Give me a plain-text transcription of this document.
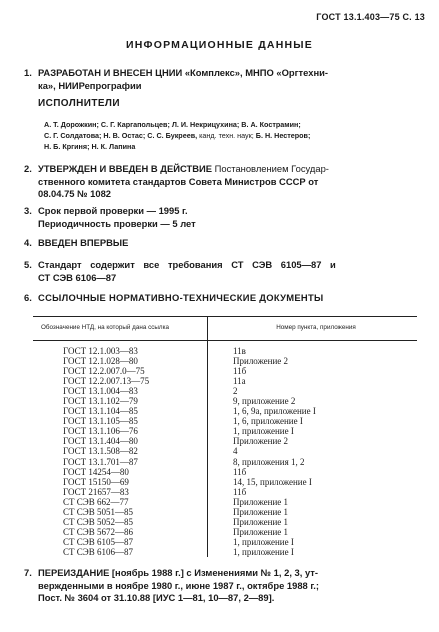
ГОСТ 13.1.403—75 С. 13
ИНФОРМАЦИОННЫЕ ДАННЫЕ
1. РАЗРАБОТАН И ВНЕСЕН ЦНИИ «Комплекс», МНПО «Оргтехни-
ка», НИИРепрографии
ИСПОЛНИТЕЛИ
А. Т. Дорожкин; С. Г. Каргапольцев; Л. И. Некрицухина; В. А. Кострамин;
С. Г. Солдатова; Н. В. Остас; С. С. Букреев, канд. техн. наук; Б. Н. Нестеров;
Н. Б. Кргиня; Н. К. Лапина
2. УТВЕРЖДЕН И ВВЕДЕН В ДЕЙСТВИЕ Постановлением Государ-
ственного комитета стандартов Совета Министров СССР от
08.04.75 № 1082
3. Срок первой проверки — 1995 г.
Периодичность проверки — 5 лет
4. ВВЕДЕН ВПЕРВЫЕ
5. Стандарт содержит все требования СТ СЭВ 6105—87 и
СТ СЭВ 6106—87
6. ССЫЛОЧНЫЕ НОРМАТИВНО-ТЕХНИЧЕСКИЕ ДОКУМЕНТЫ
Обозначение НТД, на который дана ссылка	Номер пункта, приложения
ГОСТ 12.1.003—83
ГОСТ 12.1.028—80
ГОСТ 12.2.007.0—75
ГОСТ 12.2.007.13—75
ГОСТ 13.1.004—83
ГОСТ 13.1.102—79
ГОСТ 13.1.104—85
ГОСТ 13.1.105—85
ГОСТ 13.1.106—76
ГОСТ 13.1.404—80
ГОСТ 13.1.508—82
ГОСТ 13.1.701—87
ГОСТ 14254—80
ГОСТ 15150—69
ГОСТ 21657—83
СТ СЭВ 662—77
СТ СЭВ 5051—85
СТ СЭВ 5052—85
СТ СЭВ 5672—86
СТ СЭВ 6105—87
СТ СЭВ 6106—87
11в
Приложение 2
11б
11а
2
9, приложение 2
1, 6, 9а, приложение I
1, 6, приложение I
1, приложение I
Приложение 2
4
8, приложения 1, 2
11б
14, 15, приложение I
11б
Приложение 1
Приложение 1
Приложение 1
Приложение 1
1, приложение I
1, приложение I
7. ПЕРЕИЗДАНИЕ [ноябрь 1988 г.] с Изменениями № 1, 2, 3, ут-
вержденными в ноябре 1980 г., июне 1987 г., октябре 1988 г.;
Пост. № 3604 от 31.10.88 [ИУС 1—81, 10—87, 2—89].
